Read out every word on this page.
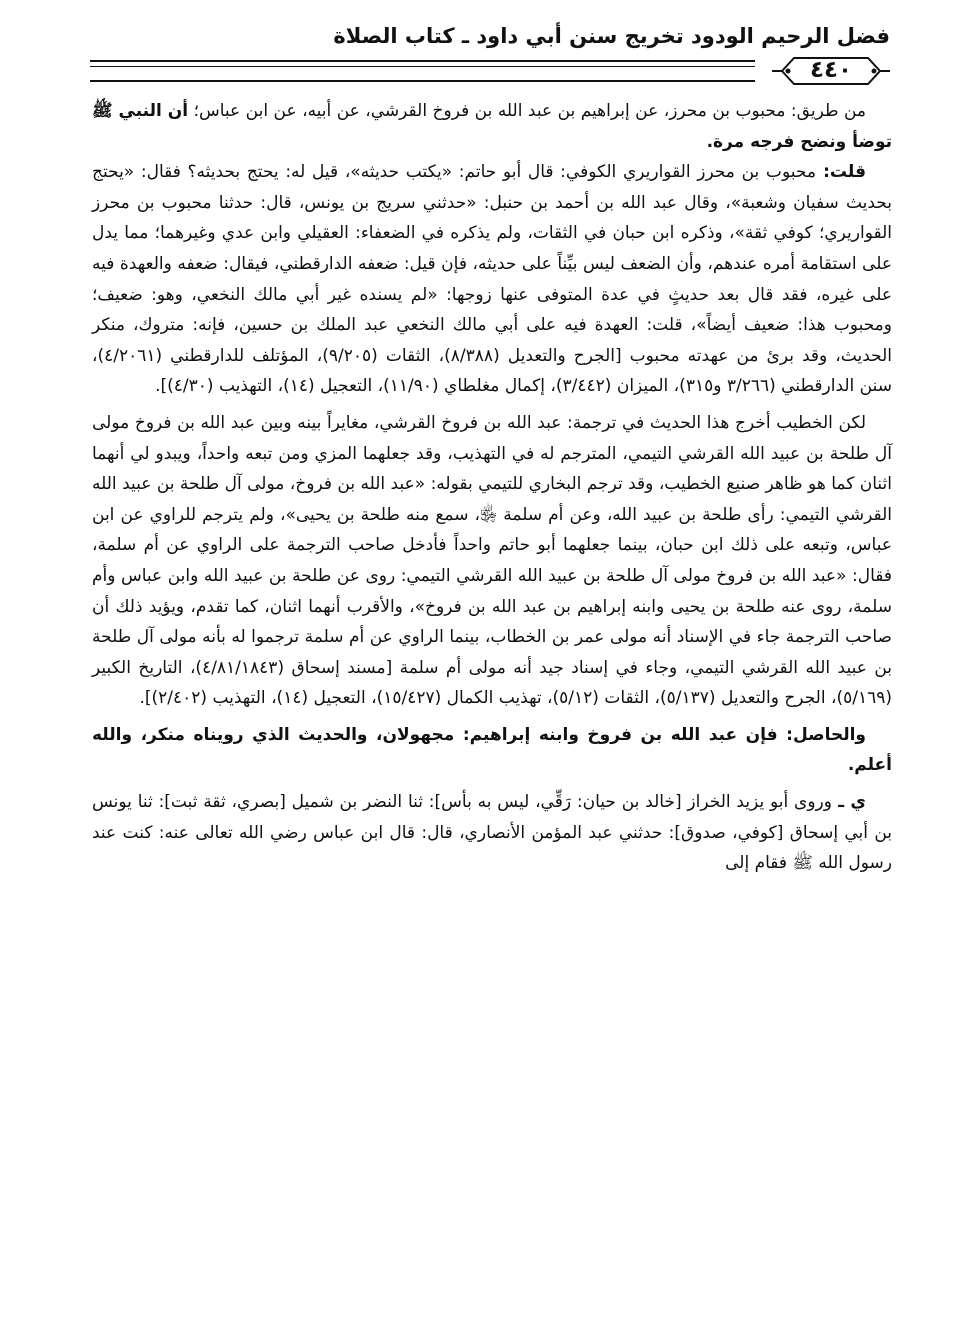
فضل الرحيم الودود تخريج سنن أبي داود ـ كتاب الصلاة
٤٤٠

من طريق: محبوب بن محرز، عن إبراهيم بن عبد الله بن فروخ القرشي، عن أبيه، عن ابن عباس؛ أن النبي ﷺ توضأ ونضح فرجه مرة.

قلت: محبوب بن محرز القواريري الكوفي: قال أبو حاتم: «يكتب حديثه»، قيل له: يحتج بحديثه؟ فقال: «يحتج بحديث سفيان وشعبة»، وقال عبد الله بن أحمد بن حنبل: «حدثني سريج بن يونس، قال: حدثنا محبوب بن محرز القواريري؛ كوفي ثقة»، وذكره ابن حبان في الثقات، ولم يذكره في الضعفاء: العقيلي وابن عدي وغيرهما؛ مما يدل على استقامة أمره عندهم، وأن الضعف ليس بيِّناً على حديثه، فإن قيل: ضعفه الدارقطني، فيقال: ضعفه والعهدة فيه على غيره، فقد قال بعد حديثٍ في عدة المتوفى عنها زوجها: «لم يسنده غير أبي مالك النخعي، وهو: ضعيف؛ ومحبوب هذا: ضعيف أيضاً»، قلت: العهدة فيه على أبي مالك النخعي عبد الملك بن حسين، فإنه: متروك، منكر الحديث، وقد برئ من عهدته محبوب [الجرح والتعديل (٨/٣٨٨)، الثقات (٩/٢٠٥)، المؤتلف للدارقطني (٤/٢٠٦١)، سنن الدارقطني (٣/٢٦٦ و٣١٥)، الميزان (٣/٤٤٢)، إكمال مغلطاي (١١/٩٠)، التعجيل (١٤)، التهذيب (٤/٣٠)].

لكن الخطيب أخرج هذا الحديث في ترجمة: عبد الله بن فروخ القرشي، مغايراً بينه وبين عبد الله بن فروخ مولى آل طلحة بن عبيد الله القرشي التيمي، المترجم له في التهذيب، وقد جعلهما المزي ومن تبعه واحداً، ويبدو لي أنهما اثنان كما هو ظاهر صنيع الخطيب، وقد ترجم البخاري للتيمي بقوله: «عبد الله بن فروخ، مولى آل طلحة بن عبيد الله القرشي التيمي: رأى طلحة بن عبيد الله، وعن أم سلمة ﵂، سمع منه طلحة بن يحيى»، ولم يترجم للراوي عن ابن عباس، وتبعه على ذلك ابن حبان، بينما جعلهما أبو حاتم واحداً فأدخل صاحب الترجمة على الراوي عن أم سلمة، فقال: «عبد الله بن فروخ مولى آل طلحة بن عبيد الله القرشي التيمي: روى عن طلحة بن عبيد الله وابن عباس وأم سلمة، روى عنه طلحة بن يحيى وابنه إبراهيم بن عبد الله بن فروخ»، والأقرب أنهما اثنان، كما تقدم، ويؤيد ذلك أن صاحب الترجمة جاء في الإسناد أنه مولى عمر بن الخطاب، بينما الراوي عن أم سلمة ترجموا له بأنه مولى آل طلحة بن عبيد الله القرشي التيمي، وجاء في إسناد جيد أنه مولى أم سلمة [مسند إسحاق (٤/٨١/١٨٤٣)، التاريخ الكبير (٥/١٦٩)، الجرح والتعديل (٥/١٣٧)، الثقات (٥/١٢)، تهذيب الكمال (١٥/٤٢٧)، التعجيل (١٤)، التهذيب (٢/٤٠٢)].

والحاصل: فإن عبد الله بن فروخ وابنه إبراهيم: مجهولان، والحديث الذي رويناه منكر، والله أعلم.

ي ـ وروى أبو يزيد الخراز [خالد بن حيان: رَقِّي، ليس به بأس]: ثنا النضر بن شميل [بصري، ثقة ثبت]: ثنا يونس بن أبي إسحاق [كوفي، صدوق]: حدثني عبد المؤمن الأنصاري، قال: قال ابن عباس رضي الله تعالى عنه: كنت عند رسول الله ﷺ فقام إلى
